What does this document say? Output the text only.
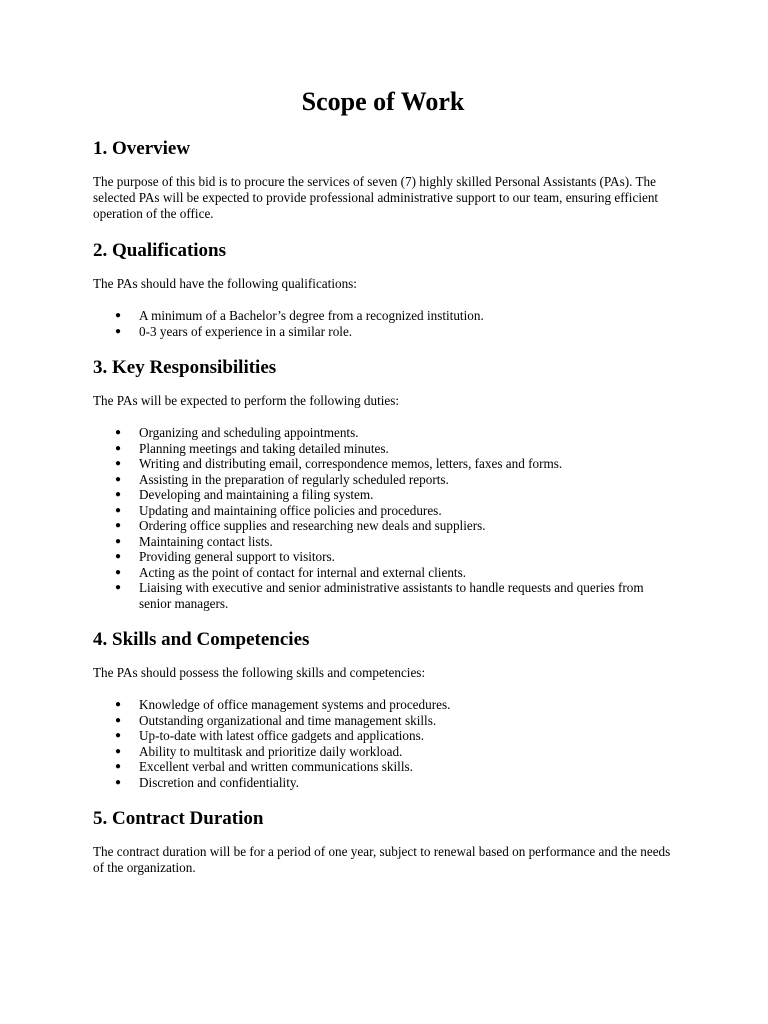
Scope of Work
1. Overview

The purpose of this bid is to procure the services of seven (7) highly skilled Personal Assistants (PAs). The selected PAs will be expected to provide professional administrative support to our team, ensuring efficient operation of the office.

2. Qualifications

The PAs should have the following qualifications:

● A minimum of a Bachelor’s degree from a recognized institution.
● 0-3 years of experience in a similar role.
3. Key Responsibilities

The PAs will be expected to perform the following duties:

● Organizing and scheduling appointments.
● Planning meetings and taking detailed minutes.
● Writing and distributing email, correspondence memos, letters, faxes and forms.
● Assisting in the preparation of regularly scheduled reports.
● Developing and maintaining a filing system.
● Updating and maintaining office policies and procedures.
● Ordering office supplies and researching new deals and suppliers.
● Maintaining contact lists.
● Providing general support to visitors.
● Acting as the point of contact for internal and external clients.
● Liaising with executive and senior administrative assistants to handle requests and queries from senior managers.
4. Skills and Competencies

The PAs should possess the following skills and competencies:

● Knowledge of office management systems and procedures.
● Outstanding organizational and time management skills.
● Up-to-date with latest office gadgets and applications.
● Ability to multitask and prioritize daily workload.
● Excellent verbal and written communications skills.
● Discretion and confidentiality.
5. Contract Duration

The contract duration will be for a period of one year, subject to renewal based on performance and the needs of the organization.
